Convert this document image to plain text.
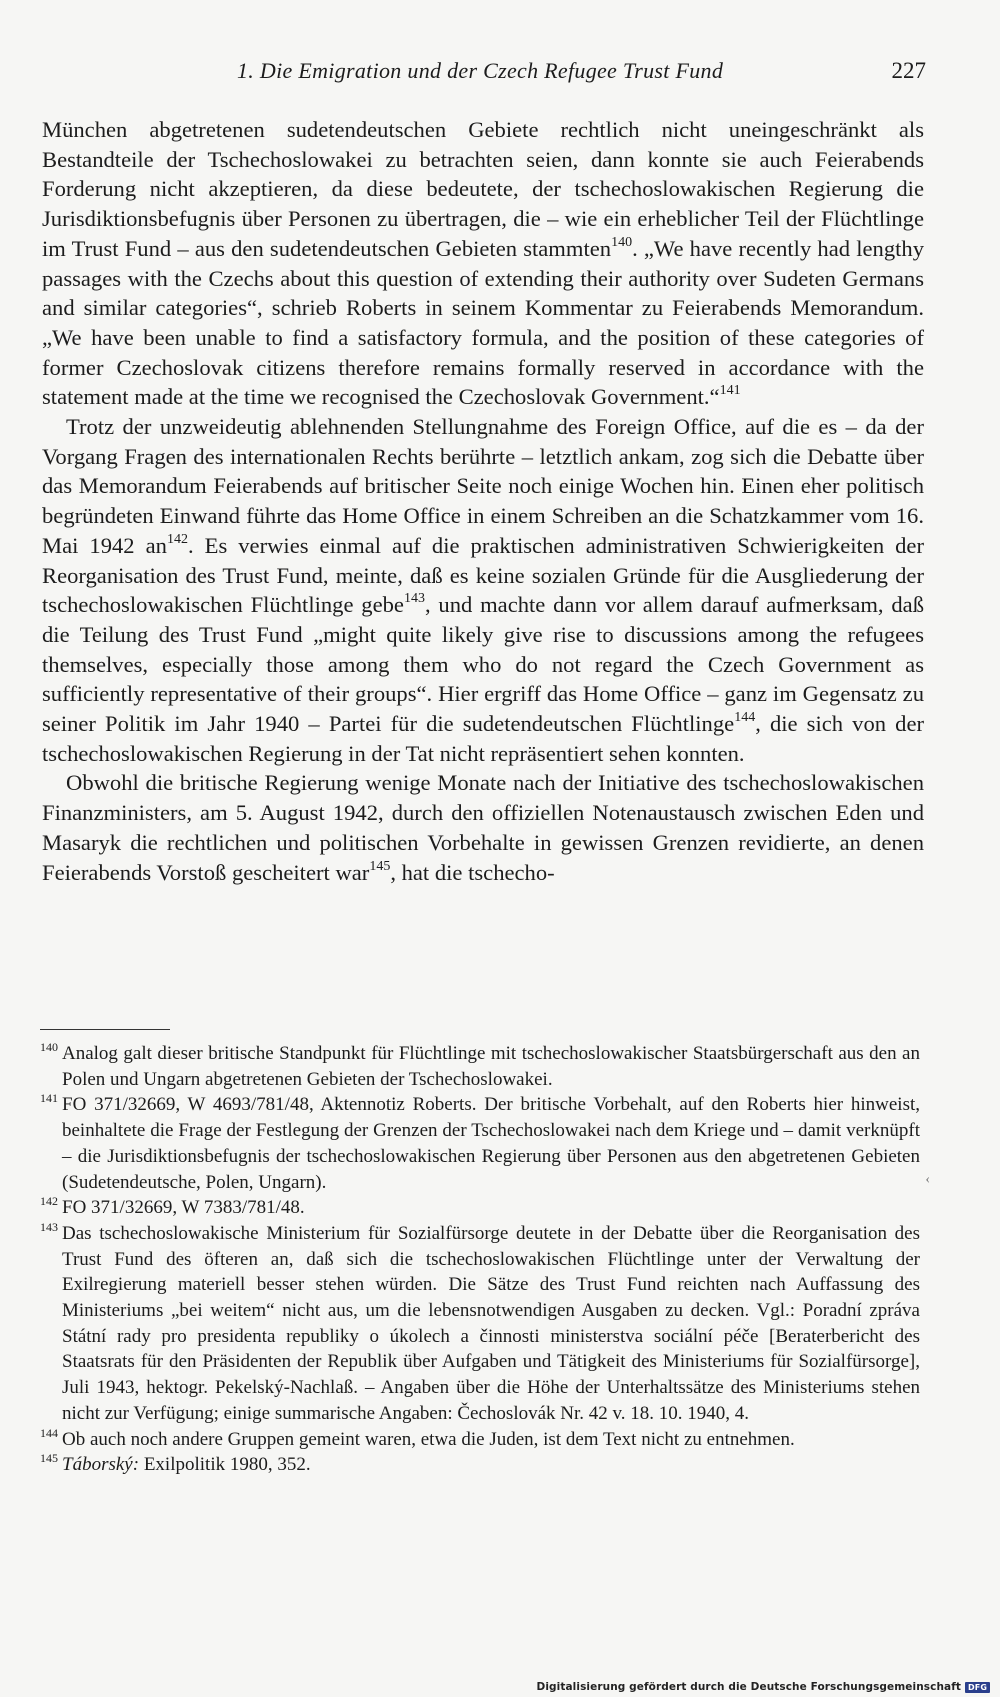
1. Die Emigration und der Czech Refugee Trust Fund	227

München abgetretenen sudetendeutschen Gebiete rechtlich nicht uneingeschränkt als Bestandteile der Tschechoslowakei zu betrachten seien, dann konnte sie auch Feierabends Forderung nicht akzeptieren, da diese bedeutete, der tschechoslowakischen Regierung die Jurisdiktionsbefugnis über Personen zu übertragen, die – wie ein erheblicher Teil der Flüchtlinge im Trust Fund – aus den sudetendeutschen Gebieten stammten$^{140}$. „We have recently had lengthy passages with the Czechs about this question of extending their authority over Sudeten Germans and similar categories“, schrieb Roberts in seinem Kommentar zu Feierabends Memorandum. „We have been unable to find a satisfactory formula, and the position of these categories of former Czechoslovak citizens therefore remains formally reserved in accordance with the statement made at the time we recognised the Czechoslovak Government.“$^{141}$

Trotz der unzweideutig ablehnenden Stellungnahme des Foreign Office, auf die es – da der Vorgang Fragen des internationalen Rechts berührte – letztlich ankam, zog sich die Debatte über das Memorandum Feierabends auf britischer Seite noch einige Wochen hin. Einen eher politisch begründeten Einwand führte das Home Office in einem Schreiben an die Schatzkammer vom 16. Mai 1942 $an^{142}$. Es verwies einmal auf die praktischen administrativen Schwierigkeiten der Reorganisation des Trust Fund, meinte, daß es keine sozialen Gründe für die Ausgliederung der tschechoslowakischen Flüchtlinge gebe$^{143}$, und machte dann vor allem darauf aufmerksam, daß die Teilung des Trust Fund „might quite likely give rise to discussions among the refugees themselves, especially those among them who do not regard the Czech Government as sufficiently representative of their groups“. Hier ergriff das Home Office – ganz im Gegensatz zu seiner Politik im Jahr 1940 – Partei für die sudetendeutschen Flüchtlinge$^{144}$, die sich von der tschechoslowakischen Regierung in der Tat nicht repräsentiert sehen konnten.

Obwohl die britische Regierung wenige Monate nach der Initiative des tschechoslowakischen Finanzministers, am 5. August 1942, durch den offiziellen Notenaustausch zwischen Eden und Masaryk die rechtlichen und politischen Vorbehalte in gewissen Grenzen revidierte, an denen Feierabends Vorstoß gescheitert war$^{145}$, hat die tschecho-

140 Analog galt dieser britische Standpunkt für Flüchtlinge mit tschechoslowakischer Staatsbürgerschaft aus den an Polen und Ungarn abgetretenen Gebieten der Tschechoslowakei.

141 FO 371/32669, W 4693/781/48, Aktennotiz Roberts. Der britische Vorbehalt, auf den Roberts hier hinweist, beinhaltete die Frage der Festlegung der Grenzen der Tschechoslowakei nach dem Kriege und – damit verknüpft – die Jurisdiktionsbefugnis der tschechoslowakischen Regierung über Personen aus den abgetretenen Gebieten (Sudetendeutsche, Polen, Ungarn).

142 FO 371/32669, W 7383/781/48.

143 Das tschechoslowakische Ministerium für Sozialfürsorge deutete in der Debatte über die Reorganisation des Trust Fund des öfteren an, daß sich die tschechoslowakischen Flüchtlinge unter der Verwaltung der Exilregierung materiell besser stehen würden. Die Sätze des Trust Fund reichten nach Auffassung des Ministeriums „bei weitem“ nicht aus, um die lebensnotwendigen Ausgaben zu decken. Vgl.: Poradní zpráva Státní rady pro presidenta republiky o úkolech a činnosti ministerstva sociální péče [Beraterbericht des Staatsrats für den Präsidenten der Republik über Aufgaben und Tätigkeit des Ministeriums für Sozialfürsorge], Juli 1943, hektogr. Pekelský-Nachlaß. – Angaben über die Höhe der Unterhaltssätze des Ministeriums stehen nicht zur Verfügung; einige summarische Angaben: Čechoslovák Nr. 42 v. 18. 10. 1940, 4.

144 Ob auch noch andere Gruppen gemeint waren, etwa die Juden, ist dem Text nicht zu entnehmen.

145 Táborský: Exilpolitik 1980, 352.

‹
Digitalisierung gefördert durch die Deutsche Forschungsgemeinschaft DFG
